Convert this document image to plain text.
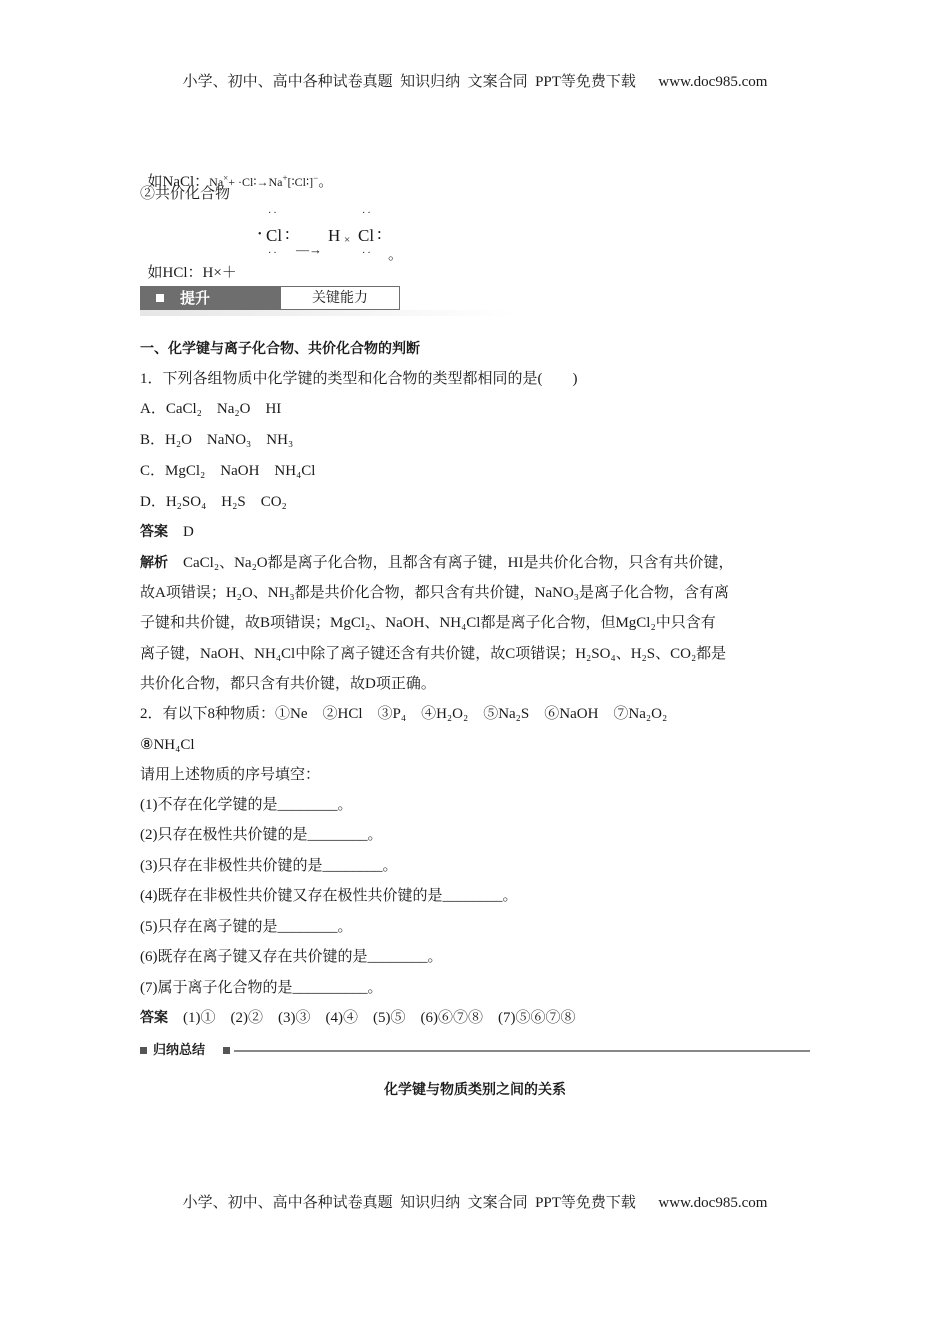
小学、初中、高中各种试卷真题  知识归纳  文案合同  PPT等免费下载      www.doc985.com

如NaCl：Na×+ ·Cl∶→Na+[∶Cl∶]−。

②共价化合物

如HCl：H×＋

··
• Cl :
·· —→
H ×
··
Cl :
·· 。
提升	关键能力
一、化学键与离子化合物、共价化合物的判断
1．下列各组物质中化学键的类型和化合物的类型都相同的是(　　)
A．CaCl₂　Na₂O　HI
B．H₂O　NaNO₃　NH₃
C．MgCl₂　NaOH　NH₄Cl
D．H₂SO₄　H₂S　CO₂
答案　 D
解析　 CaCl₂、Na₂O都是离子化合物，且都含有离子键，HI是共价化合物，只含有共价键，
故A项错误；H₂O、NH₃都是共价化合物，都只含有共价键，NaNO₃是离子化合物，含有离
子键和共价键，故B项错误；MgCl₂、NaOH、NH₄Cl都是离子化合物，但MgCl₂中只含有
离子键，NaOH、NH₄Cl中除了离子键还含有共价键，故C项错误；H₂SO₄、H₂S、CO₂都是
共价化合物，都只含有共价键，故D项正确。
2．有以下8种物质：①Ne　②HCl　③P₄　④H₂O₂　⑤Na₂S　⑥NaOH　⑦Na₂O₂
⑧NH₄Cl
请用上述物质的序号填空：
(1)不存在化学键的是________。
(2)只存在极性共价键的是________。
(3)只存在非极性共价键的是________。
(4)既存在非极性共价键又存在极性共价键的是________。
(5)只存在离子键的是________。
(6)既存在离子键又存在共价键的是________。
(7)属于离子化合物的是__________。
答案　 (1)①　(2)②　(3)③　(4)④　(5)⑤　(6)⑥⑦⑧　(7)⑤⑥⑦⑧
归纳总结
化学键与物质类别之间的关系
小学、初中、高中各种试卷真题  知识归纳  文案合同  PPT等免费下载      www.doc985.com
